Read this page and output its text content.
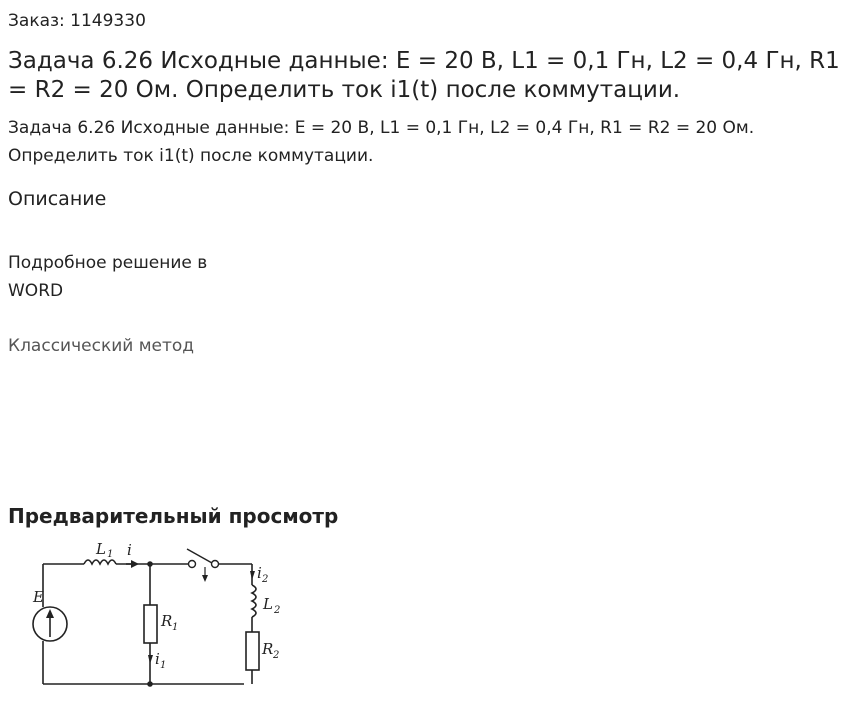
Заказ: 1149330
Задача 6.26 Исходные данные: E = 20 В, L1 = 0,1 Гн, L2 = 0,4 Гн, R1 = R2 = 20 Ом. Определить ток i1(t) после коммутации.

Задача 6.26 Исходные данные: E = 20 В, L1 = 0,1 Гн, L2 = 0,4 Гн, R1 = R2 = 20 Ом. Определить ток i1(t) после коммутации.

Описание
Подробное решение в WORD
Классический метод
Предварительный просмотр
E
L 1 i
R 1
i 1
i 2
L 2
R 2
